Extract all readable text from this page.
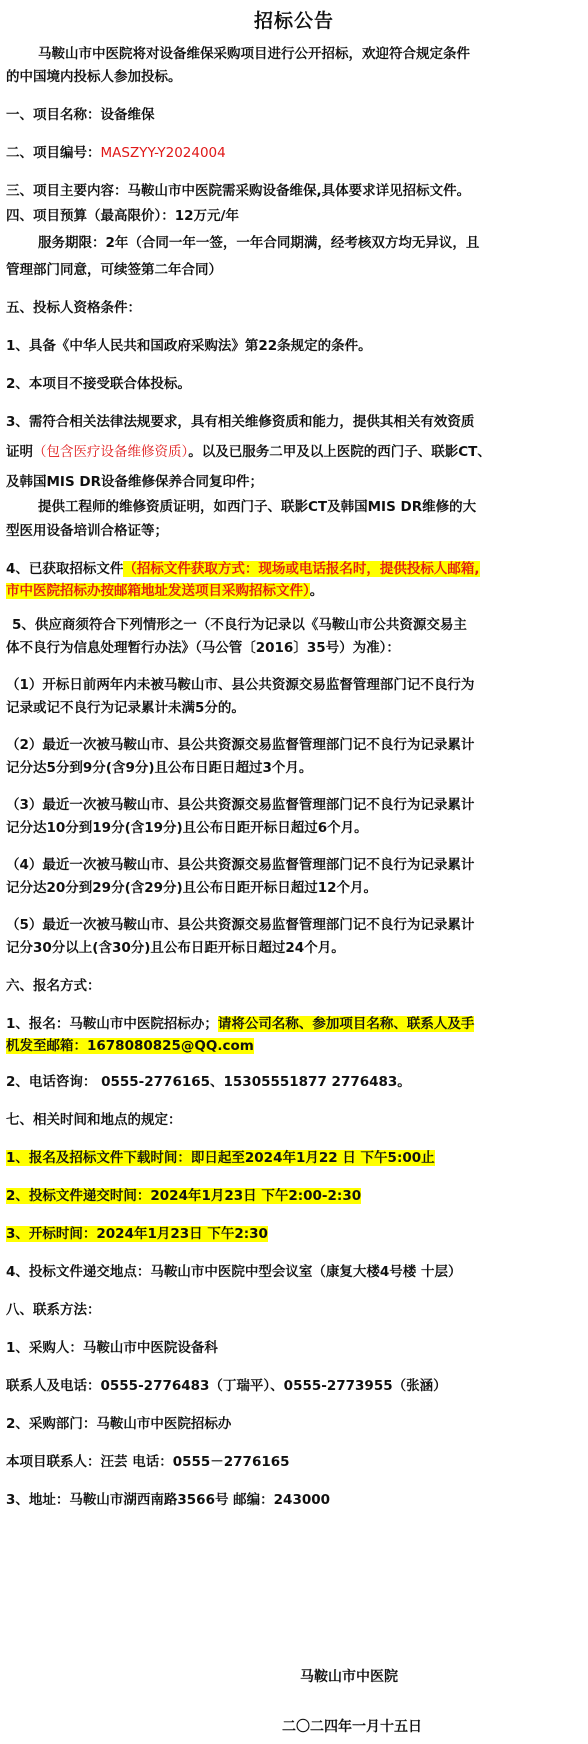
招标公告
马鞍山市中医院将对设备维保采购项目进行公开招标，欢迎符合规定条件
的中国境内投标人参加投标。
一、项目名称：设备维保
二、项目编号：MASZYY-Y2024004
三、项目主要内容：马鞍山市中医院需采购设备维保,具体要求详见招标文件。
四、项目预算（最高限价）：12万元/年
服务期限：2年（合同一年一签，一年合同期满，经考核双方均无异议，且
管理部门同意，可续签第二年合同）
五、投标人资格条件：
1、具备《中华人民共和国政府采购法》第22条规定的条件。
2、本项目不接受联合体投标。
3、需符合相关法律法规要求，具有相关维修资质和能力，提供其相关有效资质
证明（包含医疗设备维修资质）。以及已服务二甲及以上医院的西门子、联影CT、
及韩国MIS DR设备维修保养合同复印件；
提供工程师的维修资质证明，如西门子、联影CT及韩国MIS DR维修的大
型医用设备培训合格证等；
4、已获取招标文件（招标文件获取方式：现场或电话报名时，提供投标人邮箱,
市中医院招标办按邮箱地址发送项目采购招标文件）。
5、供应商须符合下列情形之一（不良行为记录以《马鞍山市公共资源交易主
体不良行为信息处理暂行办法》（马公管〔2016〕35号）为准）：
（1）开标日前两年内未被马鞍山市、县公共资源交易监督管理部门记不良行为
记录或记不良行为记录累计未满5分的。
（2）最近一次被马鞍山市、县公共资源交易监督管理部门记不良行为记录累计
记分达5分到9分(含9分)且公布日距日超过3个月。
（3）最近一次被马鞍山市、县公共资源交易监督管理部门记不良行为记录累计
记分达10分到19分(含19分)且公布日距开标日超过6个月。
（4）最近一次被马鞍山市、县公共资源交易监督管理部门记不良行为记录累计
记分达20分到29分(含29分)且公布日距开标日超过12个月。
（5）最近一次被马鞍山市、县公共资源交易监督管理部门记不良行为记录累计
记分30分以上(含30分)且公布日距开标日超过24个月。
六、报名方式：
1、报名：马鞍山市中医院招标办；请将公司名称、参加项目名称、联系人及手
机发至邮箱：1678080825@QQ.com
2、电话咨询： 0555-2776165、15305551877 2776483。
七、相关时间和地点的规定：
1、报名及招标文件下载时间：即日起至2024年1月22 日 下午5:00止
2、投标文件递交时间：2024年1月23日 下午2:00-2:30
3、开标时间：2024年1月23日 下午2:30
4、投标文件递交地点：马鞍山市中医院中型会议室（康复大楼4号楼 十层）
八、联系方法：
1、采购人：马鞍山市中医院设备科
联系人及电话：0555-2776483（丁瑞平）、0555-2773955（张涵）
2、采购部门：马鞍山市中医院招标办
本项目联系人：汪芸 电话：0555－2776165
3、地址：马鞍山市湖西南路3566号 邮编：243000
马鞍山市中医院
二〇二四年一月十五日
